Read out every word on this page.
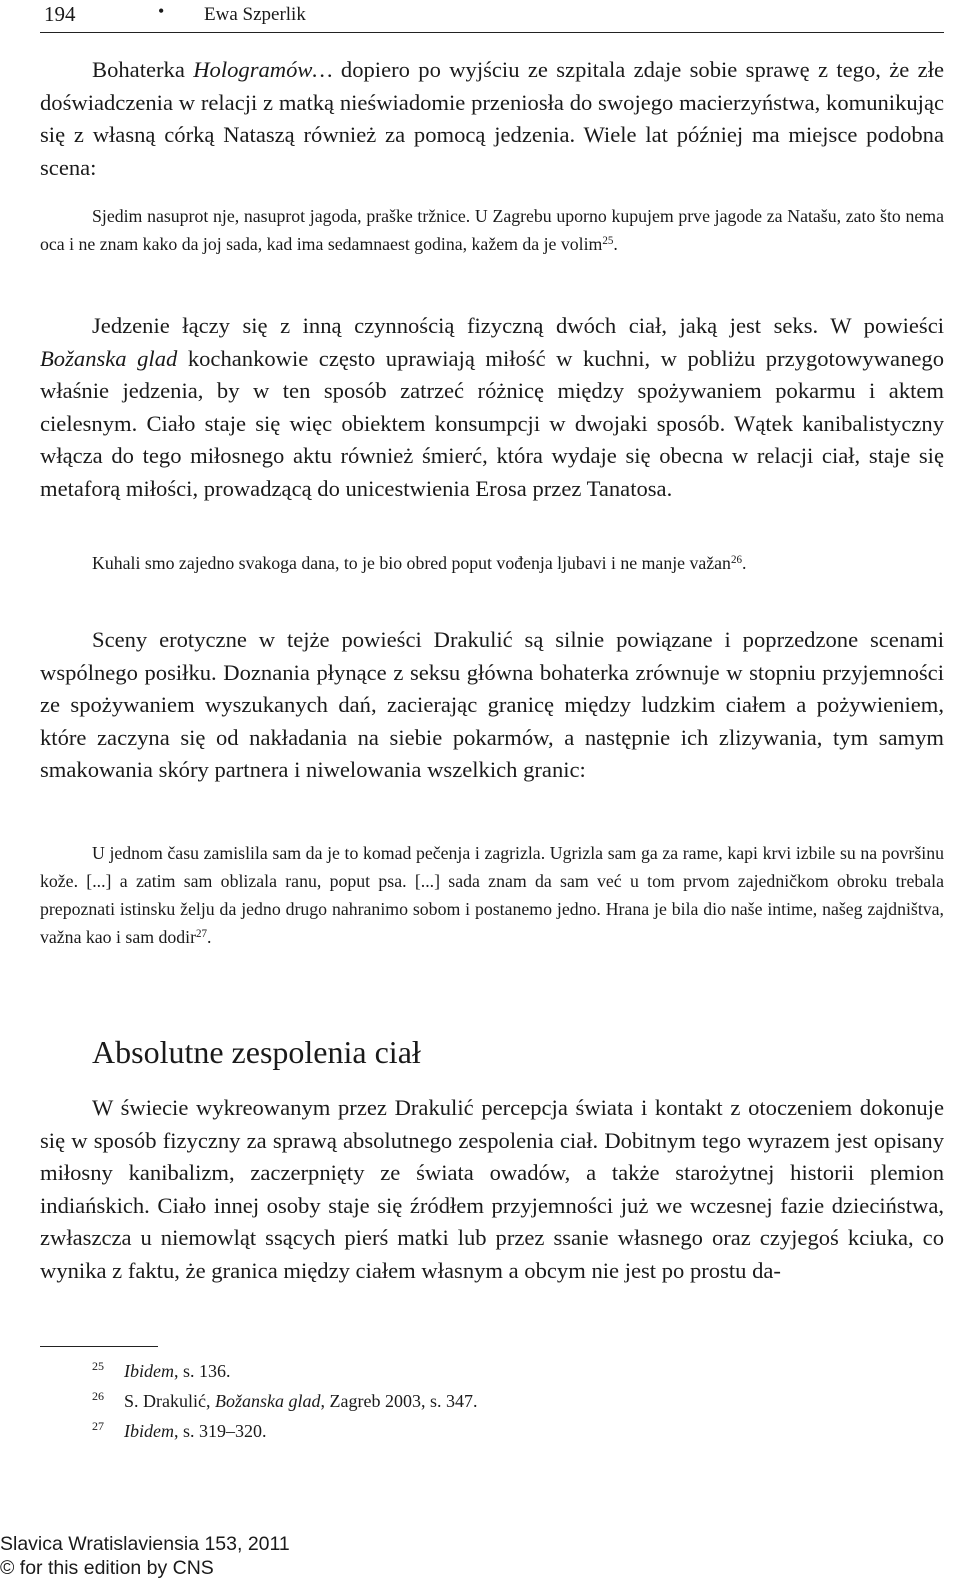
194	• Ewa Szperlik

Bohaterka Hologramów… dopiero po wyjściu ze szpitala zdaje sobie sprawę z tego, że złe doświadczenia w relacji z matką nieświadomie przeniosła do swojego macierzyństwa, komunikując się z własną córką Nataszą również za pomocą jedzenia. Wiele lat później ma miejsce podobna scena:

Sjedim nasuprot nje, nasuprot jagoda, praške tržnice. U Zagrebu uporno kupujem prve jagode za Natašu, zato što nema oca i ne znam kako da joj sada, kad ima sedamnaest godina, kažem da je volim$^{25}$.

Jedzenie łączy się z inną czynnością fizyczną dwóch ciał, jaką jest seks. W powieści Božanska glad kochankowie często uprawiają miłość w kuchni, w pobliżu przygotowywanego właśnie jedzenia, by w ten sposób zatrzeć różnicę między spożywaniem pokarmu i aktem cielesnym. Ciało staje się więc obiektem konsumpcji w dwojaki sposób. Wątek kanibalistyczny włącza do tego miłosnego aktu również śmierć, która wydaje się obecna w relacji ciał, staje się metaforą miłości, prowadzącą do unicestwienia Erosa przez Tanatosa.

Kuhali smo zajedno svakoga dana, to je bio obred poput vođenja ljubavi i ne manje važan$^{26}$.

Sceny erotyczne w tejże powieści Drakulić są silnie powiązane i poprzedzone scenami wspólnego posiłku. Doznania płynące z seksu główna bohaterka zrównuje w stopniu przyjemności ze spożywaniem wyszukanych dań, zacierając granicę między ludzkim ciałem a pożywieniem, które zaczyna się od nakładania na siebie pokarmów, a następnie ich zlizywania, tym samym smakowania skóry partnera i niwelowania wszelkich granic:

U jednom času zamislila sam da je to komad pečenja i zagrizla. Ugrizla sam ga za rame, kapi krvi izbile su na površinu kože. [...] a zatim sam oblizala ranu, poput psa. [...] sada znam da sam već u tom prvom zajedničkom obroku trebala prepoznati istinsku želju da jedno drugo nahranimo sobom i postanemo jedno. Hrana je bila dio naše intime, našeg zajdništva, važna kao i sam dodir$^{27}$.

Absolutne zespolenia ciał

W świecie wykreowanym przez Drakulić percepcja świata i kontakt z otoczeniem dokonuje się w sposób fizyczny za sprawą absolutnego zespolenia ciał. Dobitnym tego wyrazem jest opisany miłosny kanibalizm, zaczerpnięty ze świata owadów, a także starożytnej historii plemion indiańskich. Ciało innej osoby staje się źródłem przyjemności już we wczesnej fazie dzieciństwa, zwłaszcza u niemowląt ssących pierś matki lub przez ssanie własnego oraz czyjegoś kciuka, co wynika z faktu, że granica między ciałem własnym a obcym nie jest po prostu da-

25 Ibidem, s. 136.
26 S. Drakulić, Božanska glad, Zagreb 2003, s. 347.
27 Ibidem, s. 319–320.
Slavica Wratislaviensia 153, 2011
© for this edition by CNS
